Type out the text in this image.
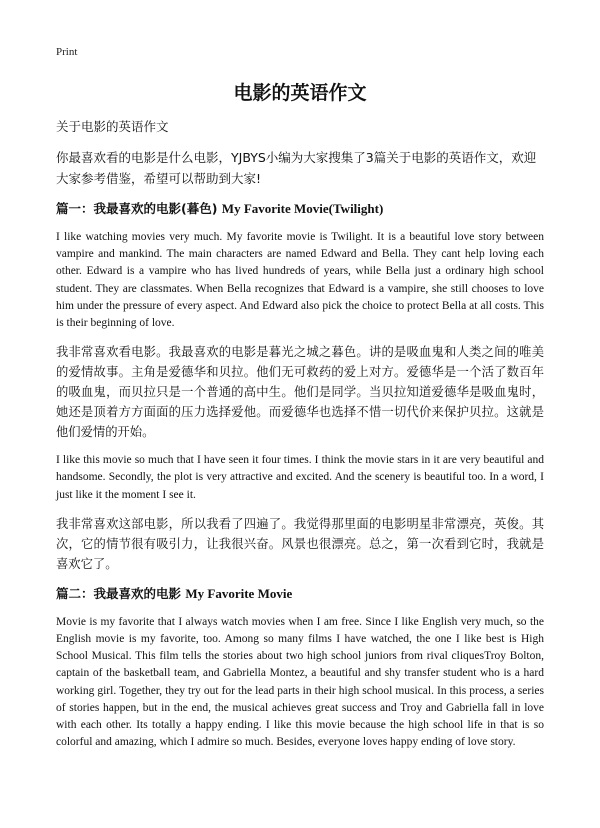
Print
电影的英语作文
关于电影的英语作文
你最喜欢看的电影是什么电影，YJBYS小编为大家搜集了3篇关于电影的英语作文，欢迎大家参考借鉴，希望可以帮助到大家!
篇一：我最喜欢的电影(暮色) My Favorite Movie(Twilight)

I like watching movies very much. My favorite movie is Twilight. It is a beautiful love story between vampire and mankind. The main characters are named Edward and Bella. They cant help loving each other. Edward is a vampire who has lived hundreds of years, while Bella just a ordinary high school student. They are classmates. When Bella recognizes that Edward is a vampire, she still chooses to love him under the pressure of every aspect. And Edward also pick the choice to protect Bella at all costs. This is their beginning of love.

我非常喜欢看电影。我最喜欢的电影是暮光之城之暮色。讲的是吸血鬼和人类之间的唯美的爱情故事。主角是爱德华和贝拉。他们无可救药的爱上对方。爱德华是一个活了数百年的吸血鬼，而贝拉只是一个普通的高中生。他们是同学。当贝拉知道爱德华是吸血鬼时，她还是顶着方方面面的压力选择爱他。而爱德华也选择不惜一切代价来保护贝拉。这就是他们爱情的开始。

I like this movie so much that I have seen it four times. I think the movie stars in it are very beautiful and handsome. Secondly, the plot is very attractive and excited. And the scenery is beautiful too. In a word, I just like it the moment I see it.

我非常喜欢这部电影，所以我看了四遍了。我觉得那里面的电影明星非常漂亮，英俊。其次，它的情节很有吸引力，让我很兴奋。风景也很漂亮。总之，第一次看到它时，我就是喜欢它了。

篇二：我最喜欢的电影 My Favorite Movie

Movie is my favorite that I always watch movies when I am free. Since I like English very much, so the English movie is my favorite, too. Among so many films I have watched, the one I like best is High School Musical. This film tells the stories about two high school juniors from rival cliquesTroy Bolton, captain of the basketball team, and Gabriella Montez, a beautiful and shy transfer student who is a hard working girl. Together, they try out for the lead parts in their high school musical. In this process, a series of stories happen, but in the end, the musical achieves great success and Troy and Gabriella fall in love with each other. Its totally a happy ending. I like this movie because the high school life in that is so colorful and amazing, which I admire so much. Besides, everyone loves happy ending of love story.
